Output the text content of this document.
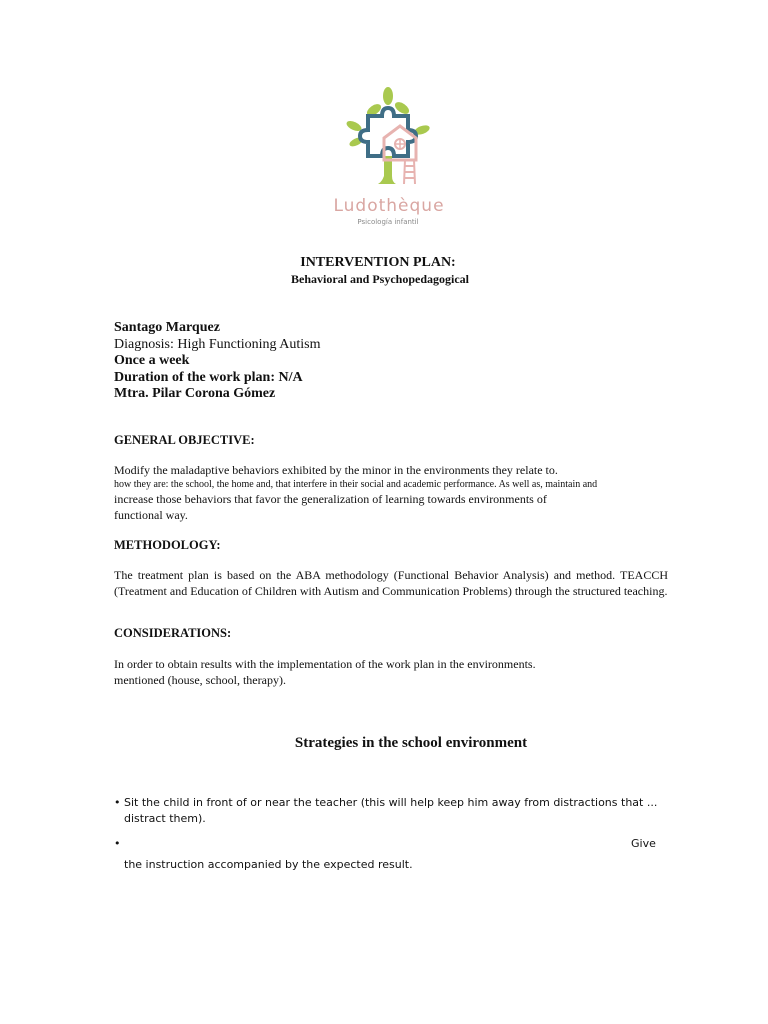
Ludothèque
Psicología infantil
INTERVENTION PLAN:
Behavioral and Psychopedagogical
Santago Marquez
Diagnosis: High Functioning Autism
Once a week
Duration of the work plan: N/A
Mtra. Pilar Corona Gómez
GENERAL OBJECTIVE:
Modify the maladaptive behaviors exhibited by the minor in the environments they relate to.
how they are: the school, the home and, that interfere in their social and academic performance. As well as, maintain and
increase those behaviors that favor the generalization of learning towards environments of
functional way.
METHODOLOGY:
The treatment plan is based on the ABA methodology (Functional Behavior Analysis) and method. TEACCH (Treatment and Education of Children with Autism and Communication Problems) through the structured teaching.
CONSIDERATIONS:
In order to obtain results with the implementation of the work plan in the environments.
mentioned (house, school, therapy).
Strategies in the school environment
• Sit the child in front of or near the teacher (this will help keep him away from distractions that ...
distract them).
•	Give
the instruction accompanied by the expected result.
